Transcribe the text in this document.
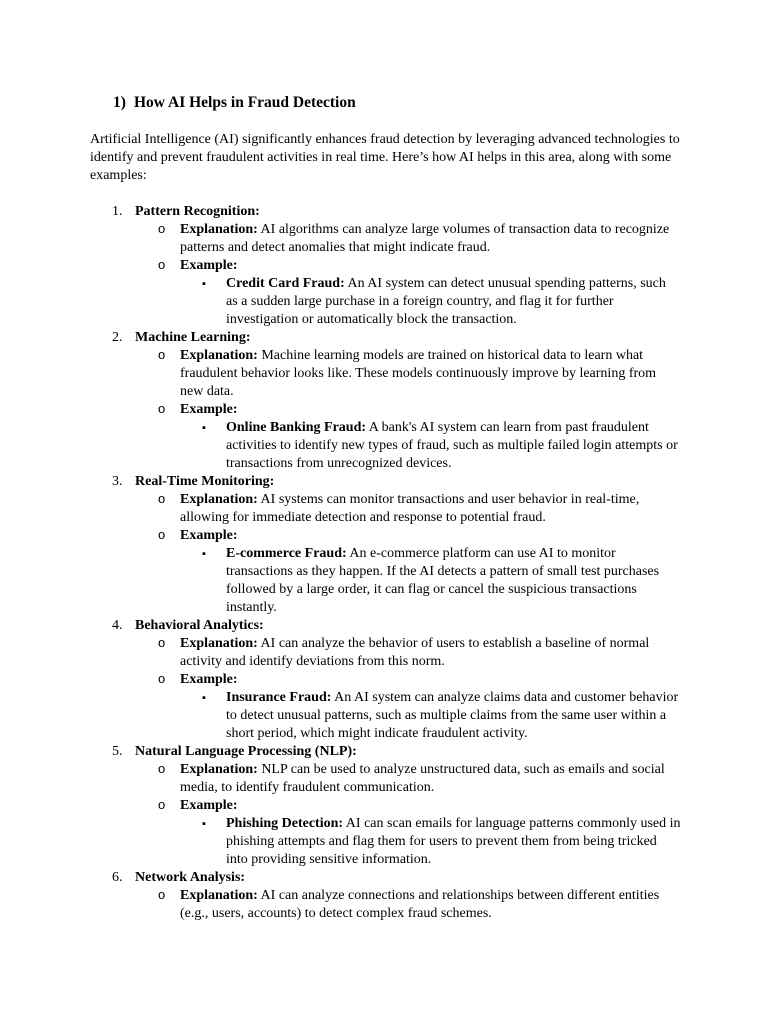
1) How AI Helps in Fraud Detection
Artificial Intelligence (AI) significantly enhances fraud detection by leveraging advanced technologies to identify and prevent fraudulent activities in real time. Here’s how AI helps in this area, along with some examples:
1. Pattern Recognition:
o Explanation: AI algorithms can analyze large volumes of transaction data to recognize patterns and detect anomalies that might indicate fraud.
o Example:
▪ Credit Card Fraud: An AI system can detect unusual spending patterns, such as a sudden large purchase in a foreign country, and flag it for further investigation or automatically block the transaction.
2. Machine Learning:
o Explanation: Machine learning models are trained on historical data to learn what fraudulent behavior looks like. These models continuously improve by learning from new data.
o Example:
▪ Online Banking Fraud: A bank's AI system can learn from past fraudulent activities to identify new types of fraud, such as multiple failed login attempts or transactions from unrecognized devices.
3. Real-Time Monitoring:
o Explanation: AI systems can monitor transactions and user behavior in real-time, allowing for immediate detection and response to potential fraud.
o Example:
▪ E-commerce Fraud: An e-commerce platform can use AI to monitor transactions as they happen. If the AI detects a pattern of small test purchases followed by a large order, it can flag or cancel the suspicious transactions instantly.
4. Behavioral Analytics:
o Explanation: AI can analyze the behavior of users to establish a baseline of normal activity and identify deviations from this norm.
o Example:
▪ Insurance Fraud: An AI system can analyze claims data and customer behavior to detect unusual patterns, such as multiple claims from the same user within a short period, which might indicate fraudulent activity.
5. Natural Language Processing (NLP):
o Explanation: NLP can be used to analyze unstructured data, such as emails and social media, to identify fraudulent communication.
o Example:
▪ Phishing Detection: AI can scan emails for language patterns commonly used in phishing attempts and flag them for users to prevent them from being tricked into providing sensitive information.
6. Network Analysis:
o Explanation: AI can analyze connections and relationships between different entities (e.g., users, accounts) to detect complex fraud schemes.
